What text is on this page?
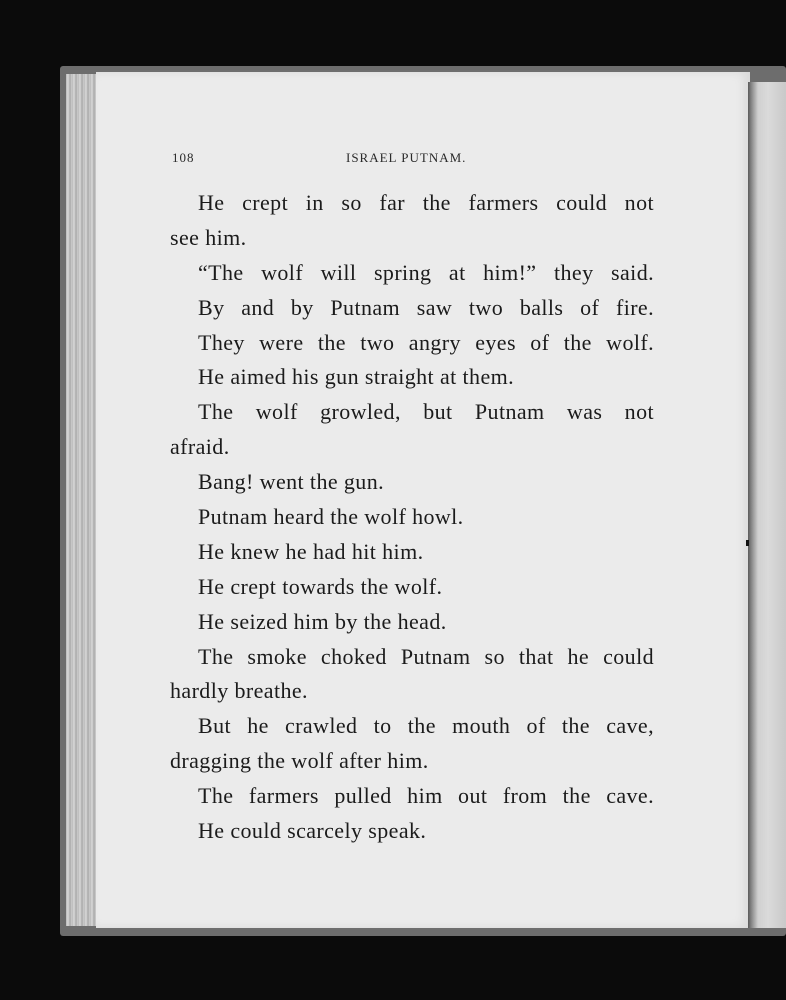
108	ISRAEL PUTNAM.
He crept in so far the farmers could not
see him.
“The wolf will spring at him!” they said.
By and by Putnam saw two balls of fire.
They were the two angry eyes of the wolf.
He aimed his gun straight at them.
The wolf growled, but Putnam was not
afraid.
Bang! went the gun.
Putnam heard the wolf howl.
He knew he had hit him.
He crept towards the wolf.
He seized him by the head.
The smoke choked Putnam so that he could
hardly breathe.
But he crawled to the mouth of the cave,
dragging the wolf after him.
The farmers pulled him out from the cave.
He could scarcely speak.
